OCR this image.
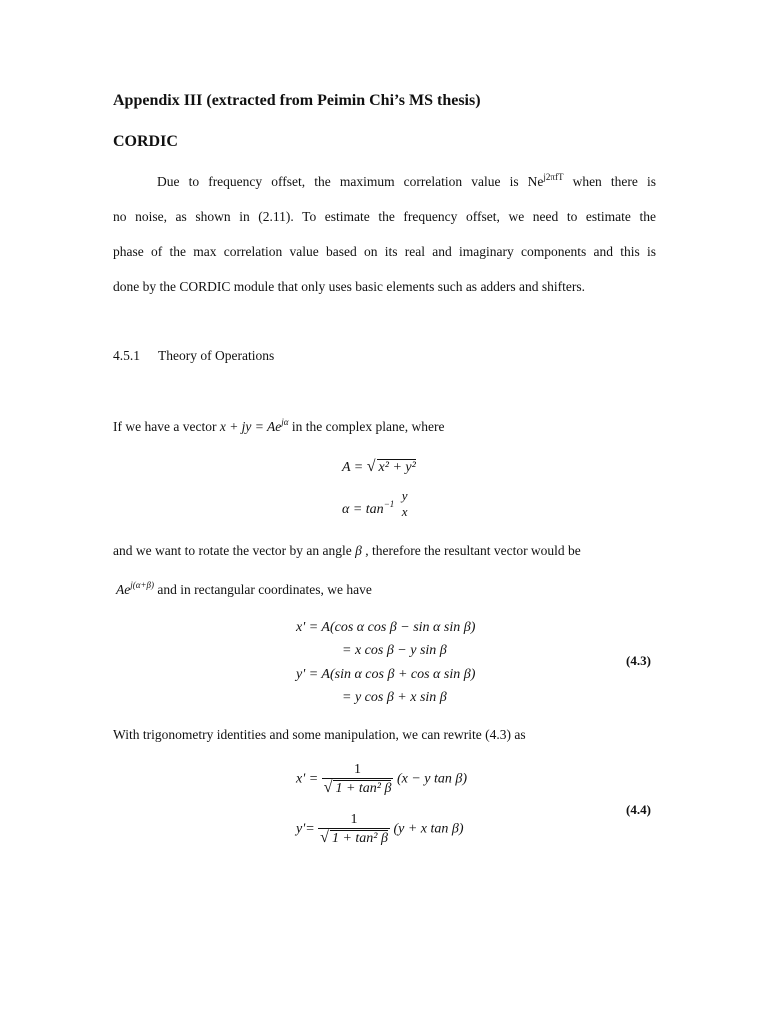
Appendix III (extracted from Peimin Chi’s MS thesis)
CORDIC
Due to frequency offset, the maximum correlation value is $Ne^{j2\pi fT}$ when there is
no noise, as shown in (2.11). To estimate the frequency offset, we need to estimate the
phase of the max correlation value based on its real and imaginary components and this is
done by the CORDIC module that only uses basic elements such as adders and shifters.
4.5.1 Theory of Operations
If we have a vector x + jy = $Ae^{j\alpha}$ in the complex plane, where
A = √ x² + y²
$\alpha = \tan^{-1}$
y
x
and we want to rotate the vector by an angle β , therefore the resultant vector would be
$Ae^{j(\alpha+\beta)}$ and in rectangular coordinates, we have
x' = A(cos α cos β − sin α sin β)
= x cos β − y sin β
y' = A(sin α cos β + cos α sin β)
= y cos β + x sin β
(4.3)
With trigonometry identities and some manipulation, we can rewrite (4.3) as
$x' = \frac{1}{\text{√ 1 + tan² β}} (x - y$ tan β)
$y'= \frac{1}{\text{√ 1 + tan² β}} (y + x$ tan β)
(4.4)
